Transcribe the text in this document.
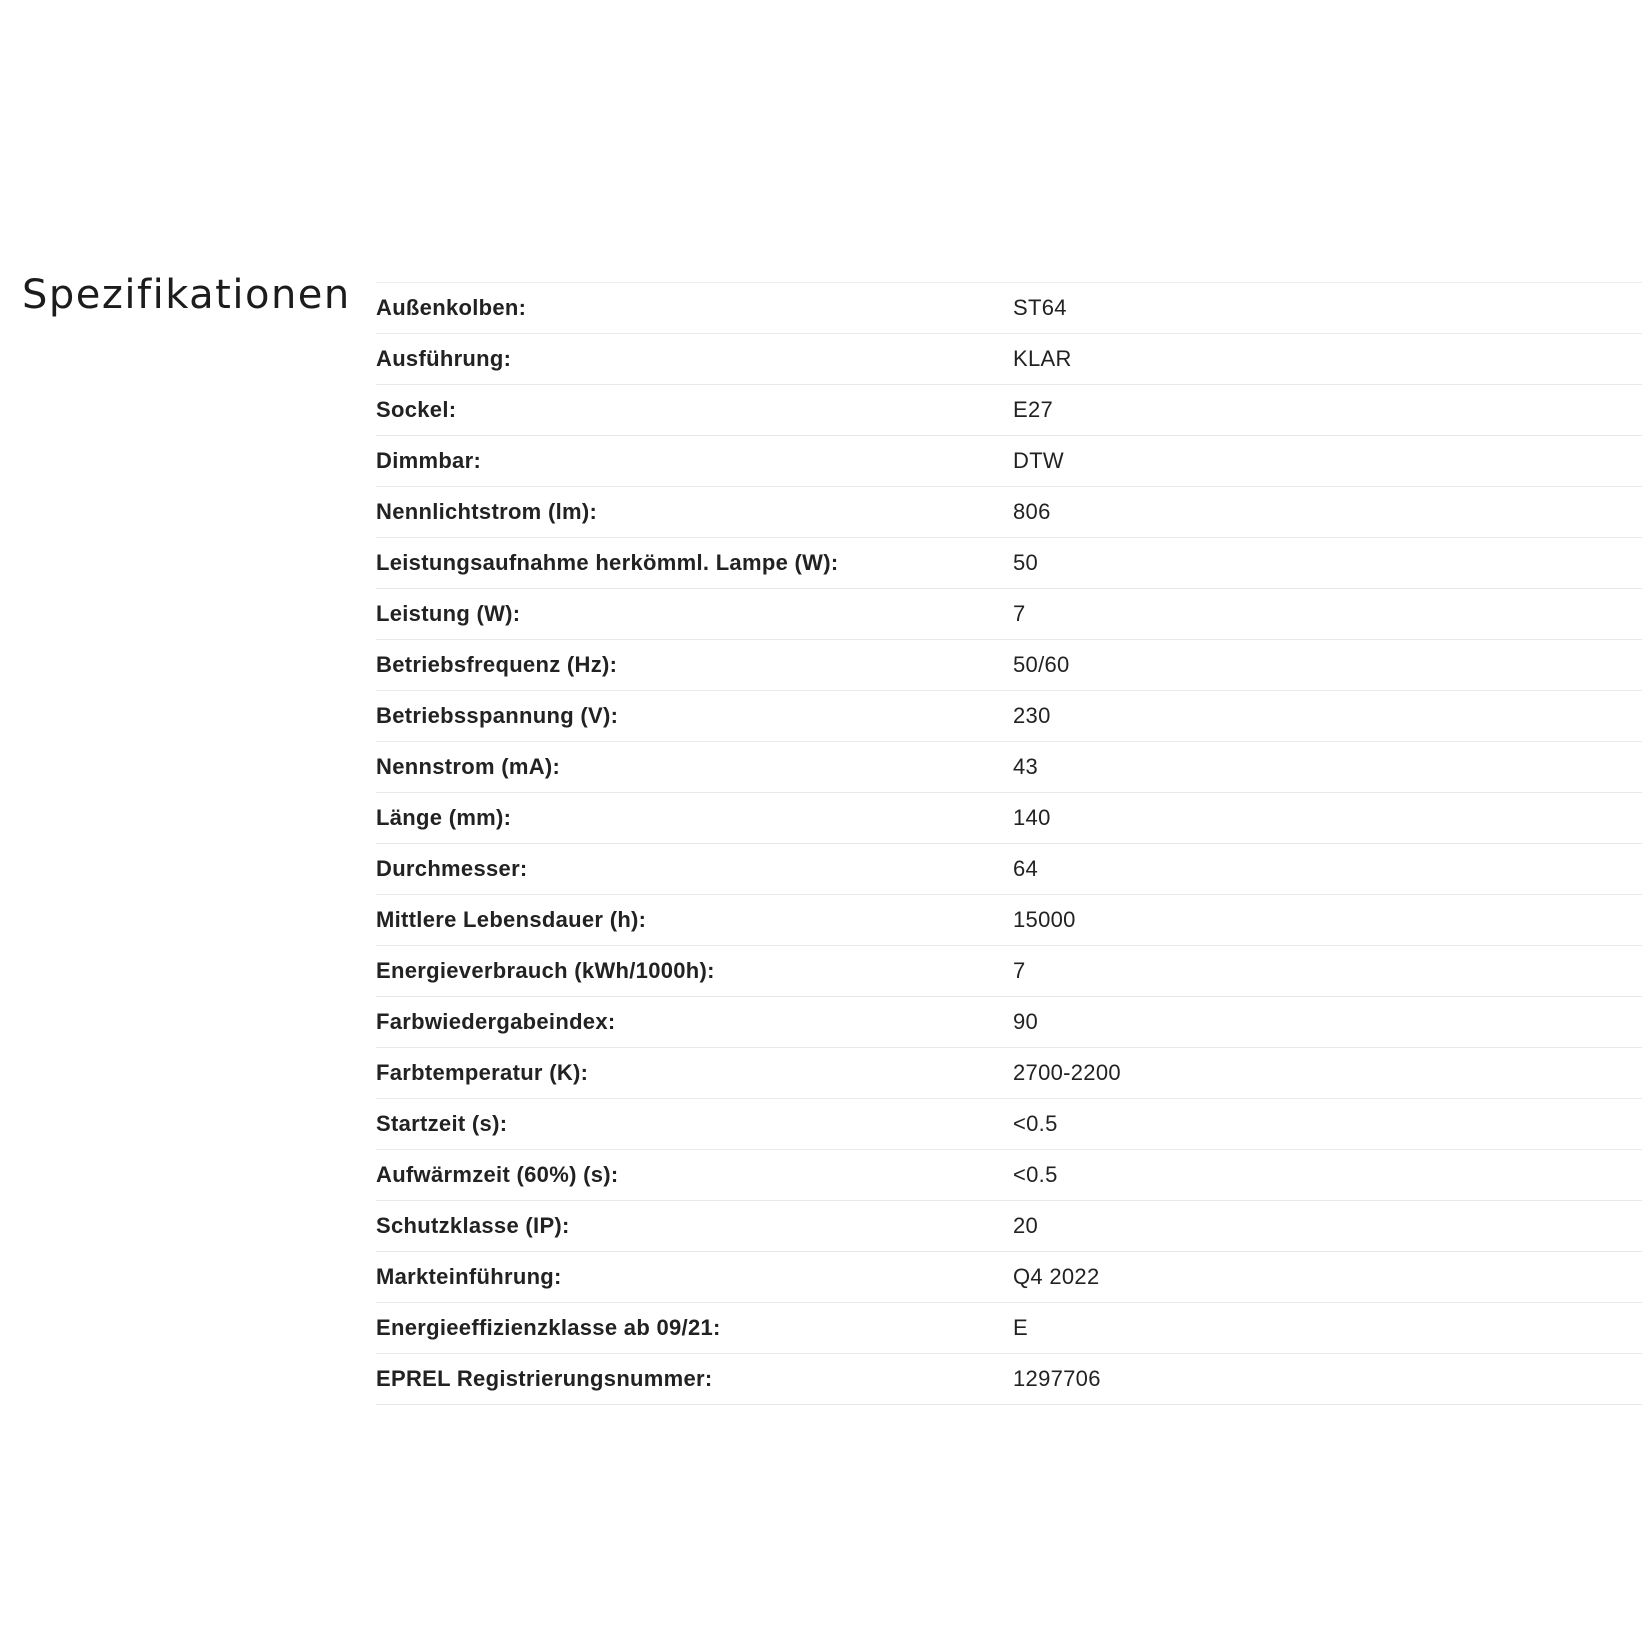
Spezifikationen Außenkolben:	ST64
Ausführung:	KLAR
Sockel:	E27
Dimmbar:	DTW
Nennlichtstrom (lm):	806
Leistungsaufnahme herkömml. Lampe (W):	50
Leistung (W):	7
Betriebsfrequenz (Hz):	50/60
Betriebsspannung (V):	230
Nennstrom (mA):	43
Länge (mm):	140
Durchmesser:	64
Mittlere Lebensdauer (h):	15000
Energieverbrauch (kWh/1000h):	7
Farbwiedergabeindex:	90
Farbtemperatur (K):	2700-2200
Startzeit (s):	<0.5
Aufwärmzeit (60%) (s):	<0.5
Schutzklasse (IP):	20
Markteinführung:	Q4 2022
Energieeffizienzklasse ab 09/21:	E
EPREL Registrierungsnummer:	1297706
